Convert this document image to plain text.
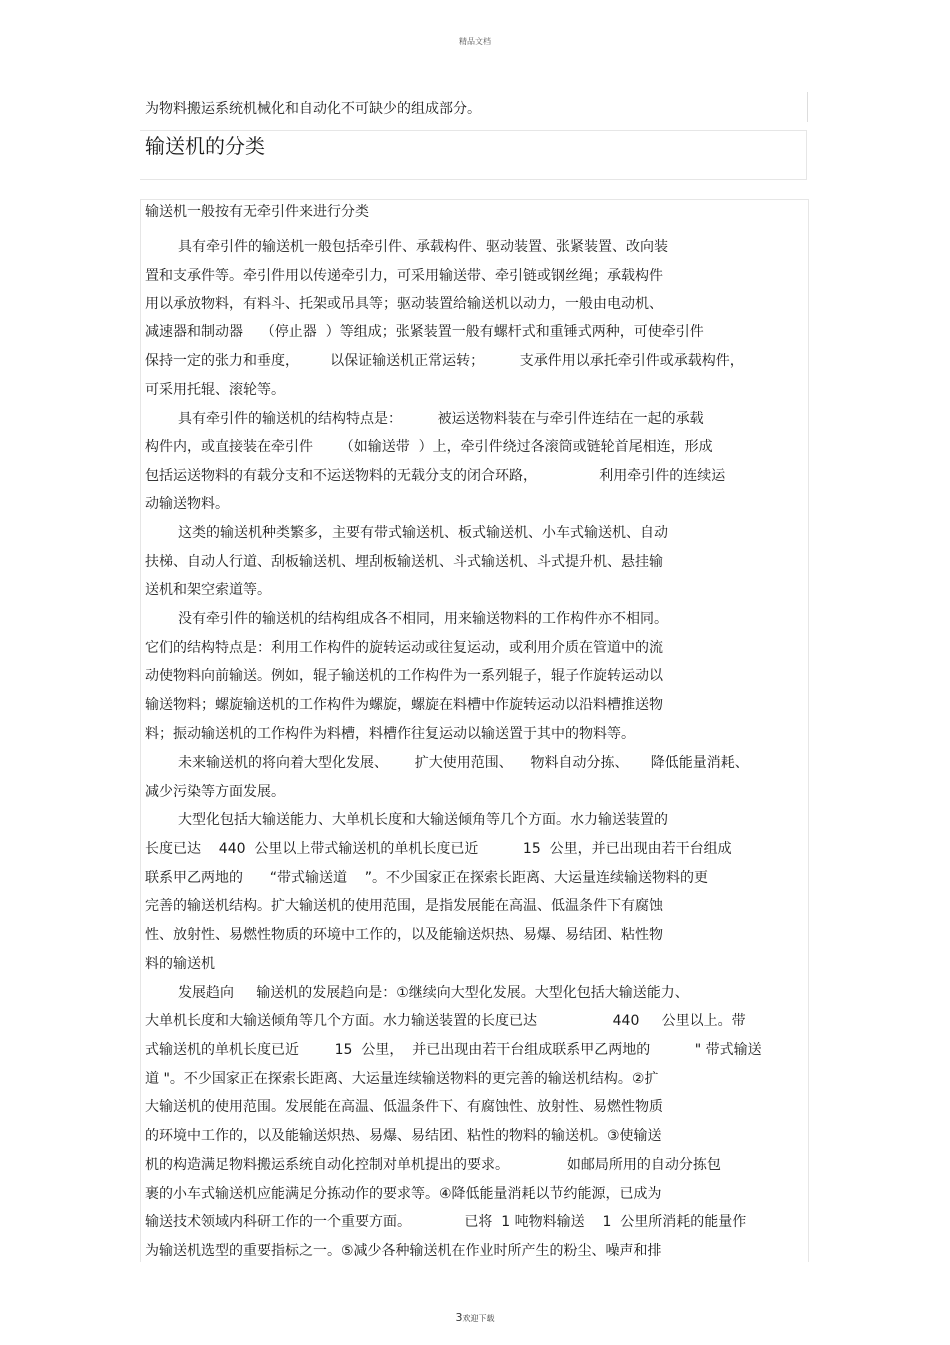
精品文档
为物料搬运系统机械化和自动化不可缺少的组成部分。
输送机的分类
输送机一般按有无牵引件来进行分类
具有牵引件的输送机一般包括牵引件、承载构件、驱动装置、张紧装置、改向装
置和支承件等。牵引件用以传递牵引力，可采用输送带、牵引链或钢丝绳；承载构件
用以承放物料，有料斗、托架或吊具等；驱动装置给输送机以动力，一般由电动机、
减速器和制动器    （停止器  ）等组成；张紧装置一般有螺杆式和重锤式两种，可使牵引件
保持一定的张力和垂度，       以保证输送机正常运转；        支承件用以承托牵引件或承载构件，
可采用托辊、滚轮等。
具有牵引件的输送机的结构特点是：        被运送物料装在与牵引件连结在一起的承载
构件内，或直接装在牵引件      （如输送带  ）上，牵引件绕过各滚筒或链轮首尾相连，形成
包括运送物料的有载分支和不运送物料的无载分支的闭合环路，              利用牵引件的连续运
动输送物料。
这类的输送机种类繁多，主要有带式输送机、板式输送机、小车式输送机、自动
扶梯、自动人行道、刮板输送机、埋刮板输送机、斗式输送机、斗式提升机、悬挂输
送机和架空索道等。
没有牵引件的输送机的结构组成各不相同，用来输送物料的工作构件亦不相同。
它们的结构特点是：利用工作构件的旋转运动或往复运动，或利用介质在管道中的流
动使物料向前输送。例如，辊子输送机的工作构件为一系列辊子，辊子作旋转运动以
输送物料；螺旋输送机的工作构件为螺旋，螺旋在料槽中作旋转运动以沿料槽推送物
料；振动输送机的工作构件为料槽，料槽作往复运动以输送置于其中的物料等。
未来输送机的将向着大型化发展、      扩大使用范围、    物料自动分拣、     降低能量消耗、
减少污染等方面发展。
大型化包括大输送能力、大单机长度和大输送倾角等几个方面。水力输送装置的
长度已达    440  公里以上带式输送机的单机长度已近          15  公里，并已出现由若干台组成
联系甲乙两地的      “带式输送道    ”。不少国家正在探索长距离、大运量连续输送物料的更
完善的输送机结构。扩大输送机的使用范围，是指发展能在高温、低温条件下有腐蚀
性、放射性、易燃性物质的环境中工作的，以及能输送炽热、易爆、易结团、粘性物
料的输送机
发展趋向     输送机的发展趋向是：①继续向大型化发展。大型化包括大输送能力、
大单机长度和大输送倾角等几个方面。水力输送装置的长度已达                 440     公里以上。带
式输送机的单机长度已近        15  公里，  并已出现由若干台组成联系甲乙两地的          " 带式输送
道 "。不少国家正在探索长距离、大运量连续输送物料的更完善的输送机结构。②扩
大输送机的使用范围。发展能在高温、低温条件下、有腐蚀性、放射性、易燃性物质
的环境中工作的，以及能输送炽热、易爆、易结团、粘性的物料的输送机。③使输送
机的构造满足物料搬运系统自动化控制对单机提出的要求。             如邮局所用的自动分拣包
裹的小车式输送机应能满足分拣动作的要求等。④降低能量消耗以节约能源，已成为
输送技术领域内科研工作的一个重要方面。            已将  1 吨物料输送    1  公里所消耗的能量作
为输送机选型的重要指标之一。⑤减少各种输送机在作业时所产生的粉尘、噪声和排
3欢迎下载
